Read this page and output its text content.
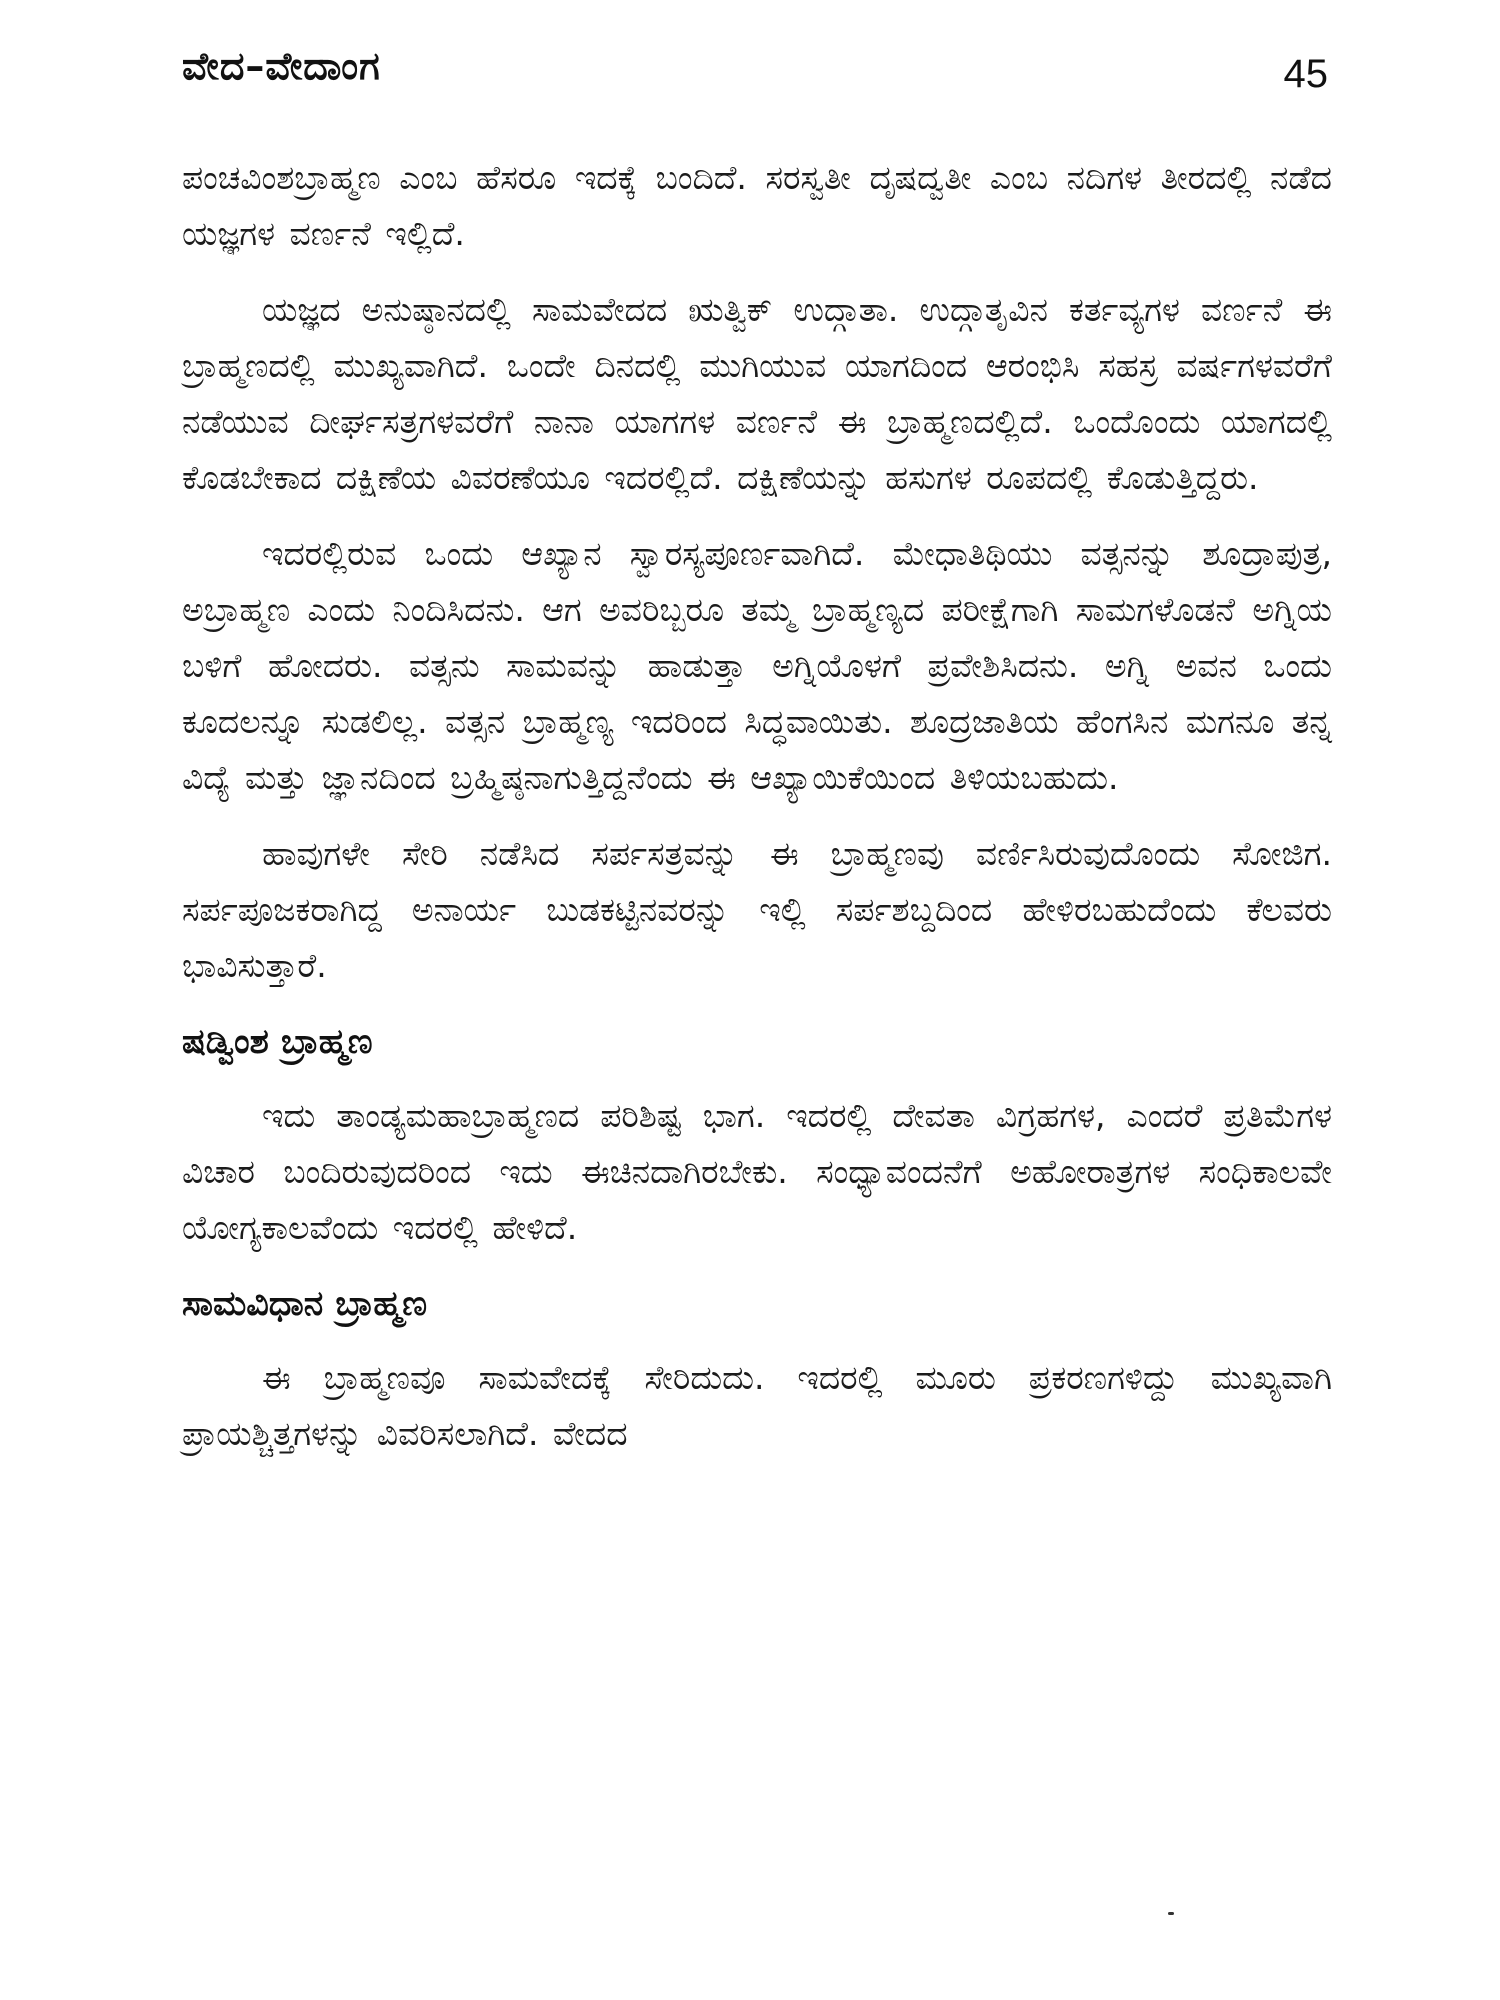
ವೇದ–ವೇದಾಂಗ	45

ಪಂಚವಿಂಶಬ್ರಾಹ್ಮಣ ಎಂಬ ಹೆಸರೂ ಇದಕ್ಕೆ ಬಂದಿದೆ. ಸರಸ್ವತೀ ದೃಷದ್ವತೀ ಎಂಬ ನದಿಗಳ ತೀರದಲ್ಲಿ ನಡೆದ ಯಜ್ಞಗಳ ವರ್ಣನೆ ಇಲ್ಲಿದೆ.

ಯಜ್ಞದ ಅನುಷ್ಠಾನದಲ್ಲಿ ಸಾಮವೇದದ ಋತ್ವಿಕ್ ಉದ್ಗಾತಾ. ಉದ್ಗಾತೃವಿನ ಕರ್ತವ್ಯಗಳ ವರ್ಣನೆ ಈ ಬ್ರಾಹ್ಮಣದಲ್ಲಿ ಮುಖ್ಯವಾಗಿದೆ. ಒಂದೇ ದಿನದಲ್ಲಿ ಮುಗಿಯುವ ಯಾಗದಿಂದ ಆರಂಭಿಸಿ ಸಹಸ್ರ ವರ್ಷಗಳವರೆಗೆ ನಡೆಯುವ ದೀರ್ಘಸತ್ರಗಳವರೆಗೆ ನಾನಾ ಯಾಗಗಳ ವರ್ಣನೆ ಈ ಬ್ರಾಹ್ಮಣದಲ್ಲಿದೆ. ಒಂದೊಂದು ಯಾಗದಲ್ಲಿ ಕೊಡಬೇಕಾದ ದಕ್ಷಿಣೆಯ ವಿವರಣೆಯೂ ಇದರಲ್ಲಿದೆ. ದಕ್ಷಿಣೆಯನ್ನು ಹಸುಗಳ ರೂಪದಲ್ಲಿ ಕೊಡುತ್ತಿದ್ದರು.

ಇದರಲ್ಲಿರುವ ಒಂದು ಆಖ್ಯಾನ ಸ್ವಾರಸ್ಯಪೂರ್ಣವಾಗಿದೆ. ಮೇಧಾತಿಥಿಯು ವತ್ಸನನ್ನು ಶೂದ್ರಾಪುತ್ರ, ಅಬ್ರಾಹ್ಮಣ ಎಂದು ನಿಂದಿಸಿದನು. ಆಗ ಅವರಿಬ್ಬರೂ ತಮ್ಮ ಬ್ರಾಹ್ಮಣ್ಯದ ಪರೀಕ್ಷೆಗಾಗಿ ಸಾಮಗಳೊಡನೆ ಅಗ್ನಿಯ ಬಳಿಗೆ ಹೋದರು. ವತ್ಸನು ಸಾಮವನ್ನು ಹಾಡುತ್ತಾ ಅಗ್ನಿಯೊಳಗೆ ಪ್ರವೇಶಿಸಿದನು. ಅಗ್ನಿ ಅವನ ಒಂದು ಕೂದಲನ್ನೂ ಸುಡಲಿಲ್ಲ. ವತ್ಸನ ಬ್ರಾಹ್ಮಣ್ಯ ಇದರಿಂದ ಸಿದ್ಧವಾಯಿತು. ಶೂದ್ರಜಾತಿಯ ಹೆಂಗಸಿನ ಮಗನೂ ತನ್ನ ವಿದ್ಯೆ ಮತ್ತು ಜ್ಞಾನದಿಂದ ಬ್ರಹ್ಮಿಷ್ಠನಾಗುತ್ತಿದ್ದನೆಂದು ಈ ಆಖ್ಯಾಯಿಕೆಯಿಂದ ತಿಳಿಯಬಹುದು.

ಹಾವುಗಳೇ ಸೇರಿ ನಡೆಸಿದ ಸರ್ಪಸತ್ರವನ್ನು ಈ ಬ್ರಾಹ್ಮಣವು ವರ್ಣಿಸಿರುವುದೊಂದು ಸೋಜಿಗ. ಸರ್ಪಪೂಜಕರಾಗಿದ್ದ ಅನಾರ್ಯ ಬುಡಕಟ್ಟಿನವರನ್ನು ಇಲ್ಲಿ ಸರ್ಪಶಬ್ದದಿಂದ ಹೇಳಿರಬಹುದೆಂದು ಕೆಲವರು ಭಾವಿಸುತ್ತಾರೆ.

ಷಡ್ವಿಂಶ ಬ್ರಾಹ್ಮಣ

ಇದು ತಾಂಡ್ಯಮಹಾಬ್ರಾಹ್ಮಣದ ಪರಿಶಿಷ್ಟ ಭಾಗ. ಇದರಲ್ಲಿ ದೇವತಾ ವಿಗ್ರಹಗಳ, ಎಂದರೆ ಪ್ರತಿಮೆಗಳ ವಿಚಾರ ಬಂದಿರುವುದರಿಂದ ಇದು ಈಚಿನದಾಗಿರಬೇಕು. ಸಂಧ್ಯಾವಂದನೆಗೆ ಅಹೋರಾತ್ರಗಳ ಸಂಧಿಕಾಲವೇ ಯೋಗ್ಯಕಾಲವೆಂದು ಇದರಲ್ಲಿ ಹೇಳಿದೆ.

ಸಾಮವಿಧಾನ ಬ್ರಾಹ್ಮಣ

ಈ ಬ್ರಾಹ್ಮಣವೂ ಸಾಮವೇದಕ್ಕೆ ಸೇರಿದುದು. ಇದರಲ್ಲಿ ಮೂರು ಪ್ರಕರಣಗಳಿದ್ದು ಮುಖ್ಯವಾಗಿ ಪ್ರಾಯಶ್ಚಿತ್ತಗಳನ್ನು ವಿವರಿಸಲಾಗಿದೆ. ವೇದದ
